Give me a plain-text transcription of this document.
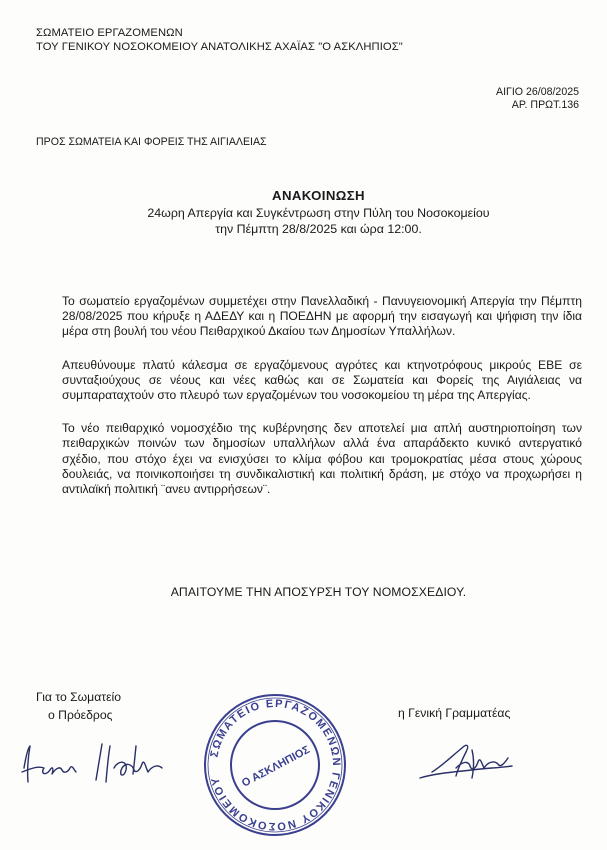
ΣΩΜΑΤΕΙΟ ΕΡΓΑΖΟΜΕΝΩΝ
ΤΟΥ ΓΕΝΙΚΟΥ ΝΟΣΟΚΟΜΕΙΟΥ ΑΝΑΤΟΛΙΚΗΣ ΑΧΑΪΑΣ "Ο ΑΣΚΛΗΠΙΟΣ"
ΑΙΓΙΟ 26/08/2025
ΑΡ. ΠΡΩΤ.136
ΠΡΟΣ ΣΩΜΑΤΕΙΑ ΚΑΙ ΦΟΡΕΙΣ ΤΗΣ ΑΙΓΙΑΛΕΙΑΣ
ΑΝΑΚΟΙΝΩΣΗ
24ωρη Απεργία και Συγκέντρωση στην Πύλη του Νοσοκομείου
την Πέμπτη 28/8/2025 και ώρα 12:00.

Το σωματείο εργαζομένων συμμετέχει στην Πανελλαδική - Πανυγειονομική Απεργία την Πέμπτη 28/08/2025 που κήρυξε η ΑΔΕΔΥ και η ΠΟΕΔΗΝ με αφορμή την εισαγωγή και ψήφιση την ίδια μέρα στη βουλή του νέου Πειθαρχικού Δκαίου των Δημοσίων Υπαλλήλων.

Απευθύνουμε πλατύ κάλεσμα σε εργαζόμενους αγρότες και κτηνοτρόφους μικρούς ΕΒΕ σε συνταξιούχους σε νέους και νέες καθώς και σε Σωματεία και Φορείς της Αιγιάλειας να συμπαραταχτούν στο πλευρό των εργαζομένων του νοσοκομείου τη μέρα της Απεργίας.

Το νέο πειθαρχικό νομοσχέδιο της κυβέρνησης δεν αποτελεί μια απλή αυστηριοποίηση των πειθαρχικών ποινών των δημοσίων υπαλλήλων αλλά ένα απαράδεκτο κυνικό αντεργατικό σχέδιο, που στόχο έχει να ενισχύσει το κλίμα φόβου και τρομοκρατίας μέσα στους χώρους δουλειάς, να ποινικοποιήσει τη συνδικαλιστική και πολιτική δράση, με στόχο να προχωρήσει η αντιλαϊκή πολιτική ¨ανευ αντιρρήσεων¨.

ΑΠΑΙΤΟΥΜΕ ΤΗΝ ΑΠΟΣΥΡΣΗ ΤΟΥ ΝΟΜΟΣΧΕΔΙΟΥ.
Για το Σωματείο
ο Πρόεδρος	η Γενική Γραμματέας
ΣΩΜΑΤΕΙΟ ΕΡΓΑΖΟΜΕΝΩΝ ΓΕΝΙΚΟΥ ΝΟΣΟΚΟΜΕΙΟΥ	Ο ΑΣΚΛΗΠΙΟΣ
